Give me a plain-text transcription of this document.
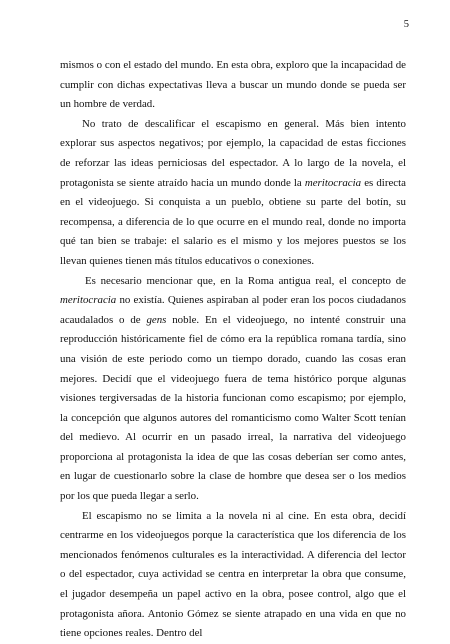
5

mismos o con el estado del mundo. En esta obra, exploro que la incapacidad de cumplir con dichas expectativas lleva a buscar un mundo donde se pueda ser un hombre de verdad.

No trato de descalificar el escapismo en general. Más bien intento explorar sus aspectos negativos; por ejemplo, la capacidad de estas ficciones de reforzar las ideas perniciosas del espectador. A lo largo de la novela, el protagonista se siente atraído hacia un mundo donde la meritocracia es directa en el videojuego. Si conquista a un pueblo, obtiene su parte del botín, su recompensa, a diferencia de lo que ocurre en el mundo real, donde no importa qué tan bien se trabaje: el salario es el mismo y los mejores puestos se los llevan quienes tienen más títulos educativos o conexiones.

Es necesario mencionar que, en la Roma antigua real, el concepto de meritocracia no existía. Quienes aspiraban al poder eran los pocos ciudadanos acaudalados o de gens noble. En el videojuego, no intenté construir una reproducción históricamente fiel de cómo era la república romana tardía, sino una visión de este periodo como un tiempo dorado, cuando las cosas eran mejores. Decidí que el videojuego fuera de tema histórico porque algunas visiones tergiversadas de la historia funcionan como escapismo; por ejemplo, la concepción que algunos autores del romanticismo como Walter Scott tenían del medievo. Al ocurrir en un pasado irreal, la narrativa del videojuego proporciona al protagonista la idea de que las cosas deberían ser como antes, en lugar de cuestionarlo sobre la clase de hombre que desea ser o los medios por los que pueda llegar a serlo.

El escapismo no se limita a la novela ni al cine. En esta obra, decidí centrarme en los videojuegos porque la característica que los diferencia de los mencionados fenómenos culturales es la interactividad. A diferencia del lector o del espectador, cuya actividad se centra en interpretar la obra que consume, el jugador desempeña un papel activo en la obra, posee control, algo que el protagonista añora. Antonio Gómez se siente atrapado en una vida en que no tiene opciones reales. Dentro del
